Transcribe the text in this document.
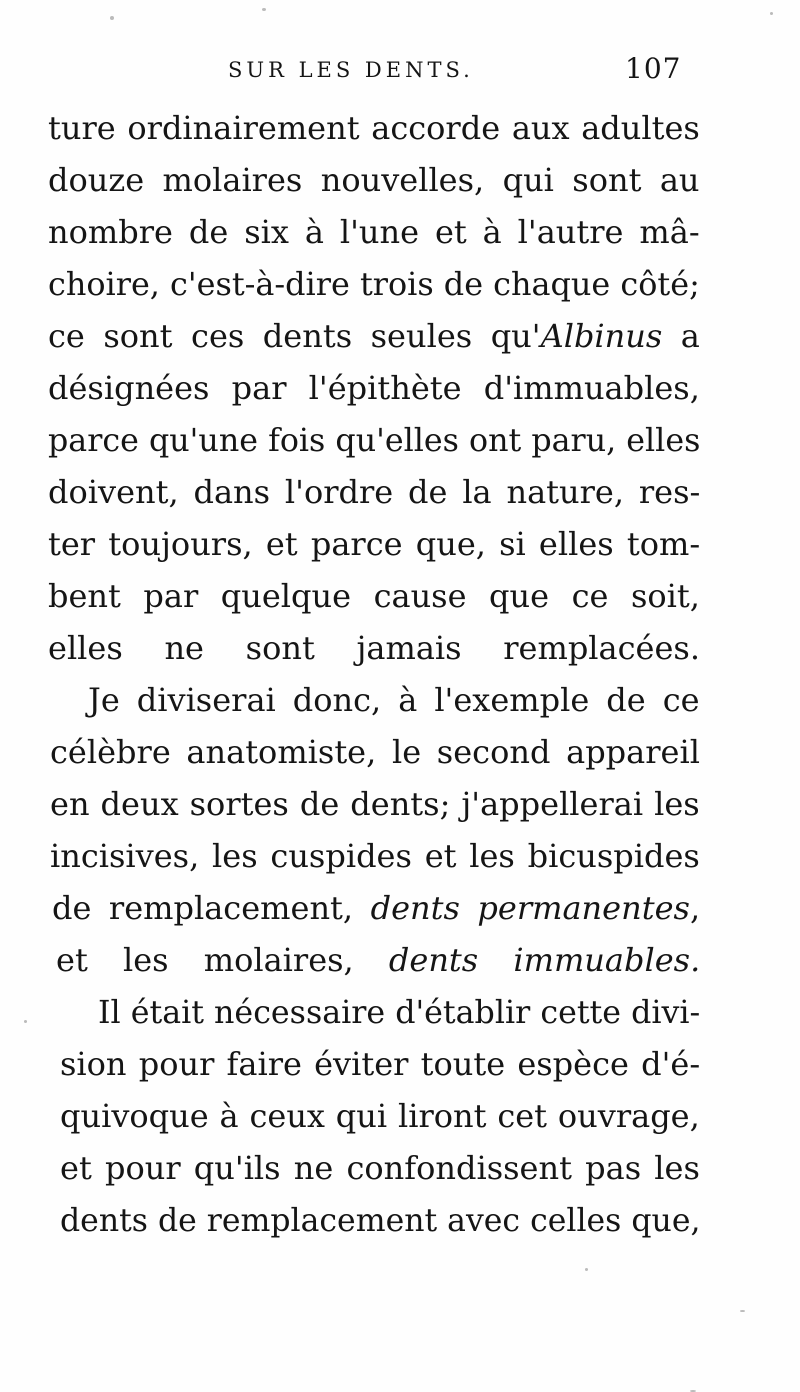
SUR LES DENTS.	107
ture ordinairement accorde aux adultes
douze molaires nouvelles, qui sont au
nombre de six à l'une et à l'autre mâ-
choire, c'est-à-dire trois de chaque côté;
ce sont ces dents seules qu'Albinus a
désignées par l'épithète d'immuables,
parce qu'une fois qu'elles ont paru, elles
doivent, dans l'ordre de la nature, res-
ter toujours, et parce que, si elles tom-
bent par quelque cause que ce soit,
elles ne sont jamais remplacées.
Je diviserai donc, à l'exemple de ce
célèbre anatomiste, le second appareil
en deux sortes de dents; j'appellerai les
incisives, les cuspides et les bicuspides
de remplacement, dents permanentes,
et les molaires, dents immuables.
Il était nécessaire d'établir cette divi-
sion pour faire éviter toute espèce d'é-
quivoque à ceux qui liront cet ouvrage,
et pour qu'ils ne confondissent pas les
dents de remplacement avec celles que,
